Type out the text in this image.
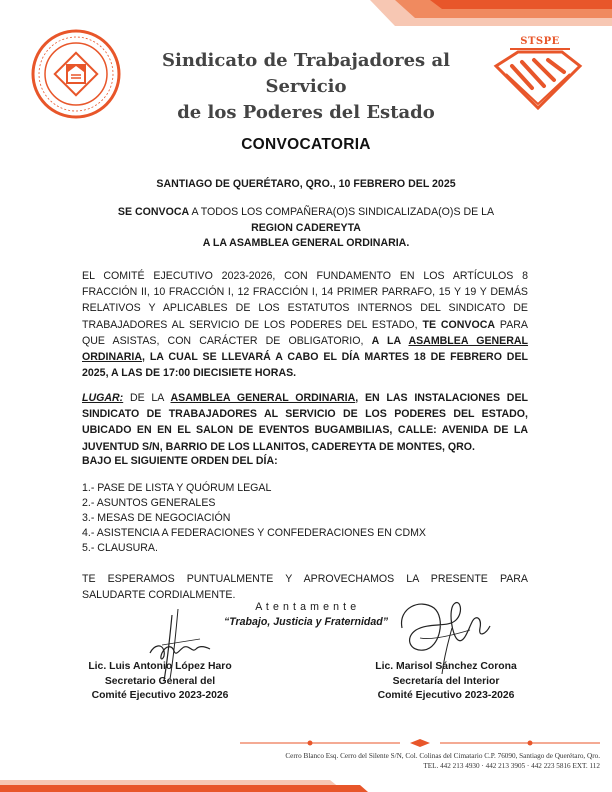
Sindicato de Trabajadores al Servicio
de los Poderes del Estado
STSPE
CONVOCATORIA
SANTIAGO DE QUERÉTARO, QRO., 10 FEBRERO DEL 2025
SE CONVOCA A TODOS LOS COMPAÑERA(O)S SINDICALIZADA(O)S DE LA
REGION CADEREYTA
A LA ASAMBLEA GENERAL ORDINARIA.
EL COMITÉ EJECUTIVO 2023-2026, CON FUNDAMENTO EN LOS ARTÍCULOS 8 FRACCIÓN II, 10 FRACCIÓN I, 12 FRACCIÓN I, 14 PRIMER PARRAFO, 15 Y 19 Y DEMÁS RELATIVOS Y APLICABLES DE LOS ESTATUTOS INTERNOS DEL SINDICATO DE TRABAJADORES AL SERVICIO DE LOS PODERES DEL ESTADO, TE CONVOCA PARA QUE ASISTAS, CON CARÁCTER DE OBLIGATORIO, A LA ASAMBLEA GENERAL ORDINARIA, LA CUAL SE LLEVARÁ A CABO EL DÍA MARTES 18 DE FEBRERO DEL 2025, A LAS DE 17:00 DIECISIETE HORAS.
LUGAR: DE LA ASAMBLEA GENERAL ORDINARIA, EN LAS INSTALACIONES DEL SINDICATO DE TRABAJADORES AL SERVICIO DE LOS PODERES DEL ESTADO, UBICADO EN EN EL SALON DE EVENTOS BUGAMBILIAS, CALLE: AVENIDA DE LA JUVENTUD S/N, BARRIO DE LOS LLANITOS, CADEREYTA DE MONTES, QRO.
BAJO EL SIGUIENTE ORDEN DEL DÍA:
1.- PASE DE LISTA Y QUÓRUM LEGAL
2.- ASUNTOS GENERALES
3.- MESAS DE NEGOCIACIÓN
4.- ASISTENCIA A FEDERACIONES Y CONFEDERACIONES EN CDMX
5.- CLAUSURA.
TE ESPERAMOS PUNTUALMENTE Y APROVECHAMOS LA PRESENTE PARA SALUDARTE CORDIALMENTE.
A t e n t a m e n t e
“Trabajo, Justicia y Fraternidad”
Lic. Luis Antonio López Haro
Secretario General del
Comité Ejecutivo 2023-2026
Lic. Marisol Sánchez Corona
Secretaría del Interior
Comité Ejecutivo 2023-2026
Cerro Blanco Esq. Cerro del Silente S/N, Col. Colinas del Cimatario C.P. 76090, Santiago de Querétaro, Qro.
TEL. 442 213 4930 · 442 213 3905 · 442 223 5816 EXT. 112
